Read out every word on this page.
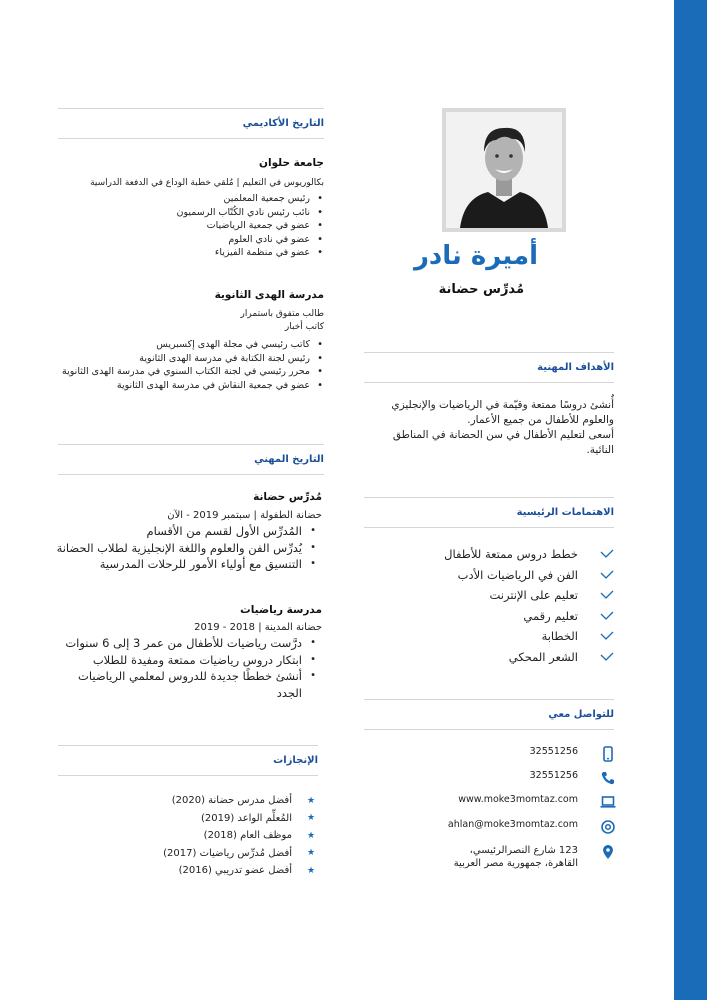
أميرة نادر
مُدرِّس حضانة
الأهداف المهنية
أُنشئ دروسًا ممتعة وقيّمة في الرياضيات والإنجليزي والعلوم للأطفال من جميع الأعمار.
أسعى لتعليم الأطفال في سن الحضانة في المناطق النائية.
الاهتمامات الرئيسية
خطط دروس ممتعة للأطفال
الفن في الرياضيات الأدب
تعليم على الإنترنت
تعليم رقمي
الخطابة
الشعر المحكي
للتواصل معي
32551256
32551256
www.moke3momtaz.com
ahlan@moke3momtaz.com
123 شارع النصرالرئيسي، القاهرة، جمهورية مصر العربية
التاريخ الأكاديمي
جامعة حلوان
بكالوريوس في التعليم | مُلقي خطبة الوداع في الدفعة الدراسية
• رئيس جمعية المعلمين
• نائب رئيس نادي الكُتّاب الرسميون
• عضو في جمعية الرياضيات
• عضو في نادي العلوم
• عضو في منظمة الفيزياء
مدرسة الهدى الثانوية
طالب متفوق باستمرار
كاتب أخبار
• كاتب رئيسي في مجلة الهدى إكسبريس
• رئيس لجنة الكتابة في مدرسة الهدى الثانوية
• محرر رئيسي في لجنة الكتاب السنوي في مدرسة الهدى الثانوية
• عضو في جمعية النقاش في مدرسة الهدى الثانوية
التاريخ المهني
مُدرِّس حضانة
حضانة الطفولة | سبتمبر 2019 - الآن
• المُدرِّس الأول لقسم من الأقسام
• يُدرِّس الفن والعلوم واللغة الإنجليزية لطلاب الحضانة
• التنسيق مع أولياء الأمور للرحلات المدرسية
مدرسة رياضيات
حضانة المدينة | 2018 - 2019
• درَّست رياضيات للأطفال من عمر 3 إلى 6 سنوات
• ابتكار دروس رياضيات ممتعة ومفيدة للطلاب
• أنشئ خططًا جديدة للدروس لمعلمي الرياضيات الجدد
الإنجازات
★
أفضل مدرس حضانة (2020)
★
المُعلِّم الواعد (2019)
★
موظف العام (2018)
★
أفضل مُدرِّس رياضيات (2017)
★
أفضل عضو تدريبي (2016)
